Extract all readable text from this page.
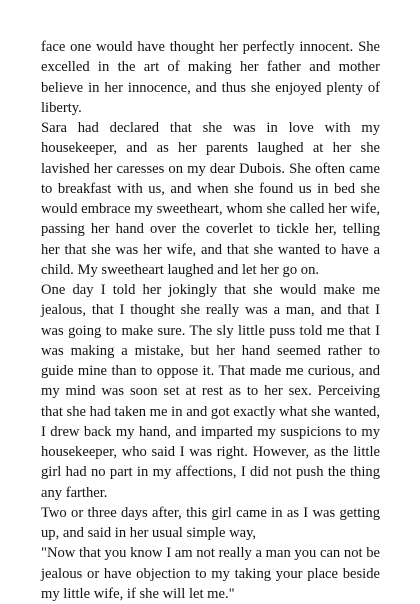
face one would have thought her perfectly innocent. She excelled in the art of making her father and mother believe in her innocence, and thus she enjoyed plenty of liberty.

Sara had declared that she was in love with my housekeeper, and as her parents laughed at her she lavished her caresses on my dear Dubois. She often came to breakfast with us, and when she found us in bed she would embrace my sweetheart, whom she called her wife, passing her hand over the coverlet to tickle her, telling her that she was her wife, and that she wanted to have a child. My sweetheart laughed and let her go on.

One day I told her jokingly that she would make me jealous, that I thought she really was a man, and that I was going to make sure. The sly little puss told me that I was making a mistake, but her hand seemed rather to guide mine than to oppose it. That made me curious, and my mind was soon set at rest as to her sex. Perceiving that she had taken me in and got exactly what she wanted, I drew back my hand, and imparted my suspicions to my housekeeper, who said I was right. However, as the little girl had no part in my affections, I did not push the thing any farther.

Two or three days after, this girl came in as I was getting up, and said in her usual simple way,

"Now that you know I am not really a man you can not be jealous or have objection to my taking your place beside my little wife, if she will let me."
